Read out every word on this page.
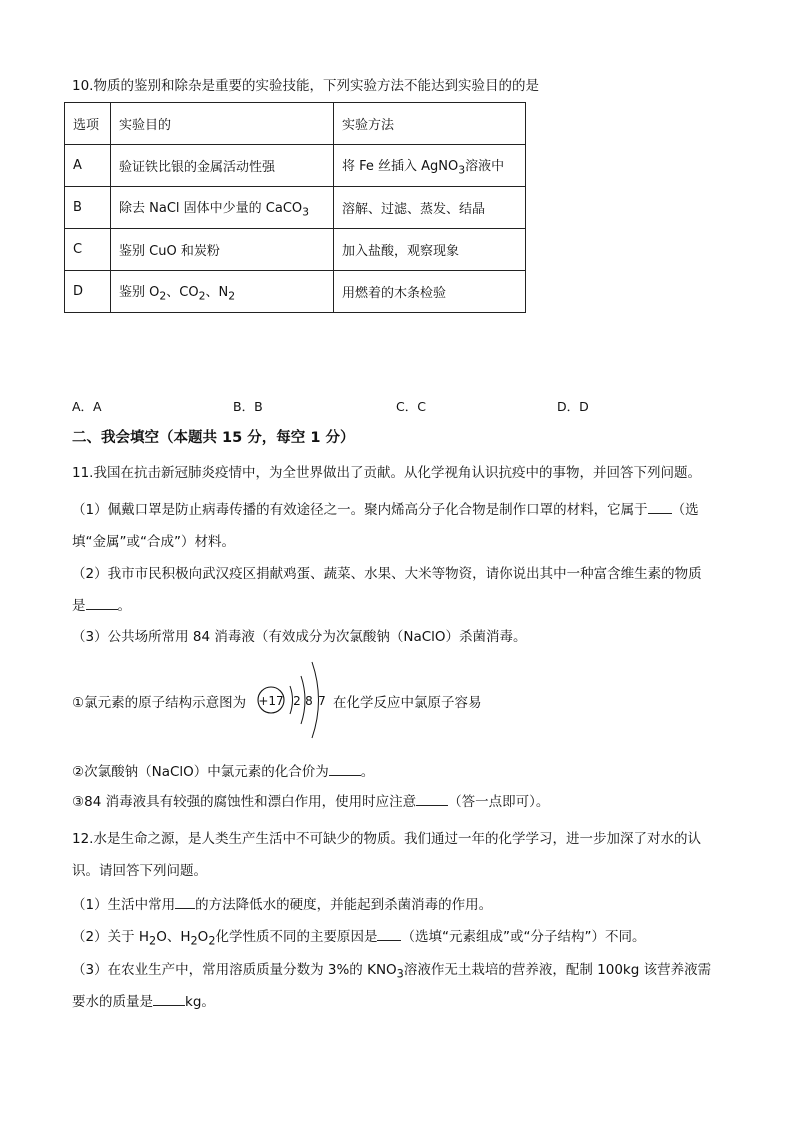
10.物质的鉴别和除杂是重要的实验技能，下列实验方法不能达到实验目的的是
选项	实验目的	实验方法
A	验证铁比银的金属活动性强	将 Fe 丝插入 AgNO$_3$溶液中
B	除去 NaCl 固体中少量的 CaCO$_3$	溶解、过滤、蒸发、结晶
C	鉴别 CuO 和炭粉	加入盐酸，观察现象
D	鉴别 $O_2$、$CO_2$、$N_2$	用燃着的木条检验
A．A	B．B	C．C	D．D
二、我会填空（本题共 15 分，每空 1 分）
11.我国在抗击新冠肺炎疫情中，为全世界做出了贡献。从化学视角认识抗疫中的事物，并回答下列问题。
（1）佩戴口罩是防止病毒传播的有效途径之一。聚内烯高分子化合物是制作口罩的材料，它属于 （选
填“金属”或“合成”）材料。
（2）我市市民积极向武汉疫区捐献鸡蛋、蔬菜、水果、大米等物资，请你说出其中一种富含维生素的物质
是 。
（3）公共场所常用 84 消毒液（有效成分为次氯酸钠（NaClO）杀菌消毒。
①氯元素的原子结构示意图为 +17 2 8 7 在化学反应中氯原子容易
②次氯酸钠（NaClO）中氯元素的化合价为 。
③84 消毒液具有较强的腐蚀性和漂白作用，使用时应注意 （答一点即可）。
12.水是生命之源，是人类生产生活中不可缺少的物质。我们通过一年的化学学习，进一步加深了对水的认
识。请回答下列问题。
（1）生活中常用 的方法降低水的硬度，并能起到杀菌消毒的作用。
（2）关于 $H_2O$、$H_2O_2$化学性质不同的主要原因是 （选填“元素组成”或“分子结构”）不同。
（3）在农业生产中，常用溶质质量分数为 3%的 $KNO_3$溶液作无土栽培的营养液，配制 100kg 该营养液需
要水的质量是 kg。
